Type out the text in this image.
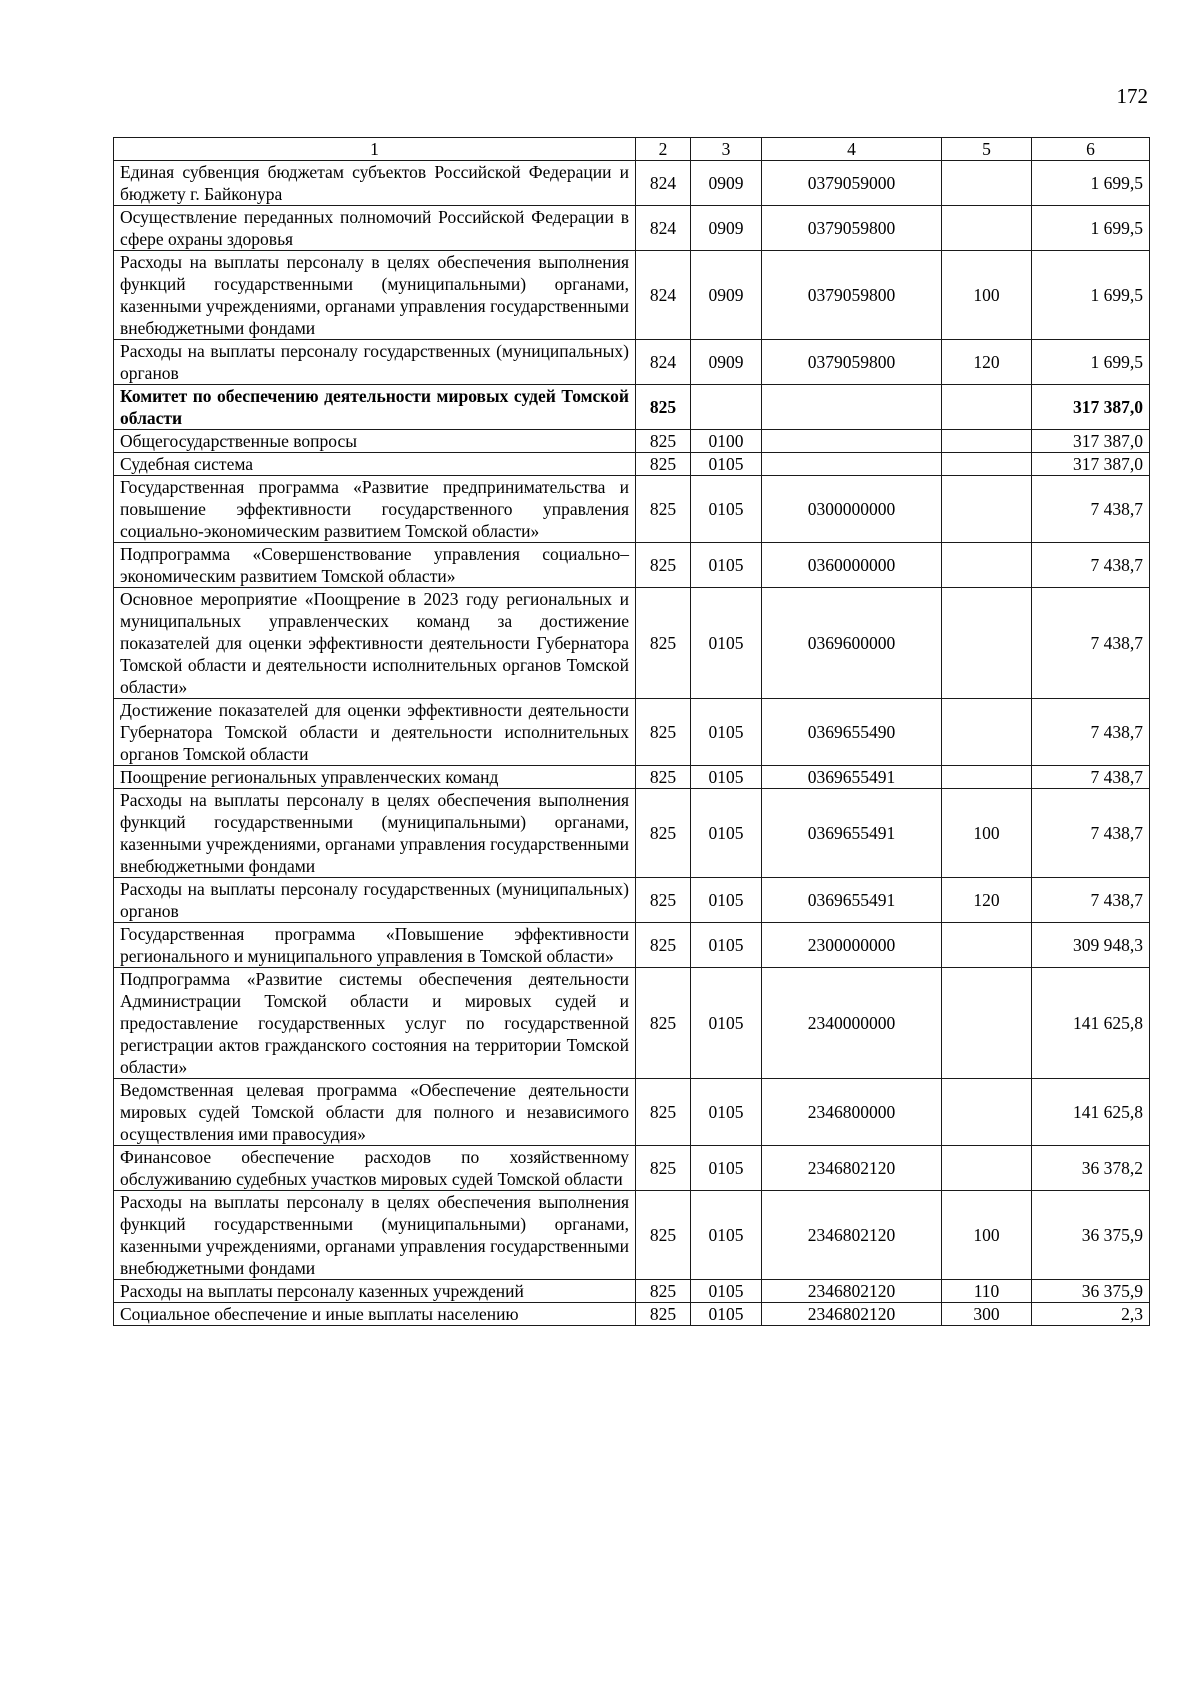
172
1	2	3	4	5	6
Единая субвенция бюджетам субъектов Российской Федерации и бюджету г. Байконура	824	0909	0379059000		1 699,5
Осуществление переданных полномочий Российской Федерации в сфере охраны здоровья	824	0909	0379059800		1 699,5
Расходы на выплаты персоналу в целях обеспечения выполнения функций государственными (муниципальными) органами, казенными учреждениями, органами управления государственными внебюджетными фондами	824	0909	0379059800	100	1 699,5
Расходы на выплаты персоналу государственных (муниципальных) органов	824	0909	0379059800	120	1 699,5
Комитет по обеспечению деятельности мировых судей Томской области	825				317 387,0
Общегосударственные вопросы	825	0100			317 387,0
Судебная система	825	0105			317 387,0
Государственная программа «Развитие предпринимательства и повышение эффективности государственного управления социально-экономическим развитием Томской области»	825	0105	0300000000		7 438,7
Подпрограмма «Совершенствование управления социально–экономическим развитием Томской области»	825	0105	0360000000		7 438,7
Основное мероприятие «Поощрение в 2023 году региональных и муниципальных управленческих команд за достижение показателей для оценки эффективности деятельности Губернатора Томской области и деятельности исполнительных органов Томской области»	825	0105	0369600000		7 438,7
Достижение показателей для оценки эффективности деятельности Губернатора Томской области и деятельности исполнительных органов Томской области	825	0105	0369655490		7 438,7
Поощрение региональных управленческих команд	825	0105	0369655491		7 438,7
Расходы на выплаты персоналу в целях обеспечения выполнения функций государственными (муниципальными) органами, казенными учреждениями, органами управления государственными внебюджетными фондами	825	0105	0369655491	100	7 438,7
Расходы на выплаты персоналу государственных (муниципальных) органов	825	0105	0369655491	120	7 438,7
Государственная программа «Повышение эффективности регионального и муниципального управления в Томской области»	825	0105	2300000000		309 948,3
Подпрограмма «Развитие системы обеспечения деятельности Администрации Томской области и мировых судей и предоставление государственных услуг по государственной регистрации актов гражданского состояния на территории Томской области»	825	0105	2340000000		141 625,8
Ведомственная целевая программа «Обеспечение деятельности мировых судей Томской области для полного и независимого осуществления ими правосудия»	825	0105	2346800000		141 625,8
Финансовое обеспечение расходов по хозяйственному обслуживанию судебных участков мировых судей Томской области	825	0105	2346802120		36 378,2
Расходы на выплаты персоналу в целях обеспечения выполнения функций государственными (муниципальными) органами, казенными учреждениями, органами управления государственными внебюджетными фондами	825	0105	2346802120	100	36 375,9
Расходы на выплаты персоналу казенных учреждений	825	0105	2346802120	110	36 375,9
Социальное обеспечение и иные выплаты населению	825	0105	2346802120	300	2,3
